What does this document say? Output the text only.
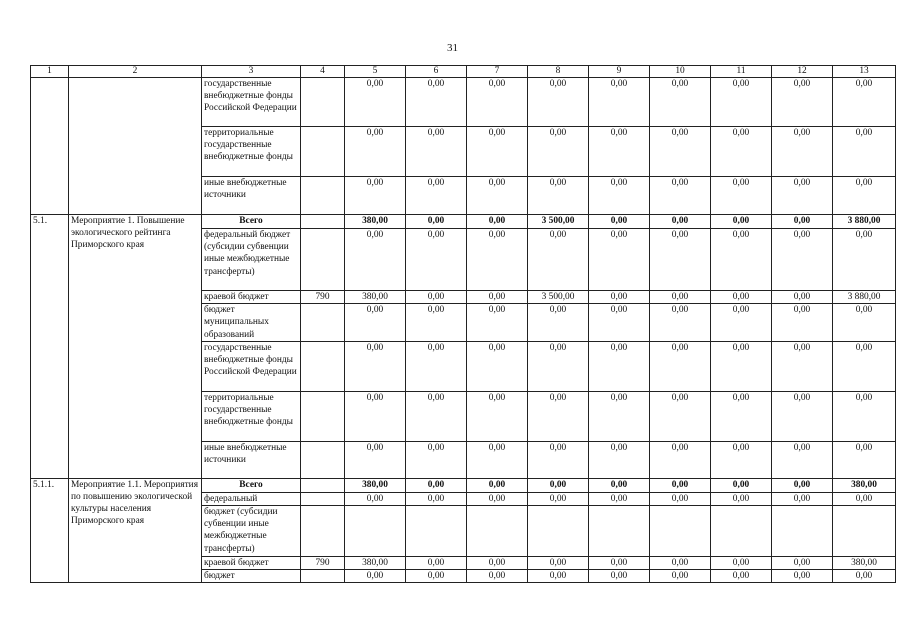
31
1	2	3	4	5	6	7	8	9	10	11	12	13
		государственные внебюджетные фонды Российской Федерации		0,00	0,00	0,00	0,00	0,00	0,00	0,00	0,00	0,00
		территориальные государственные внебюджетные фонды		0,00	0,00	0,00	0,00	0,00	0,00	0,00	0,00	0,00
		иные внебюджетные источники		0,00	0,00	0,00	0,00	0,00	0,00	0,00	0,00	0,00
5.1.	Мероприятие 1. Повышение экологического рейтинга Приморского края	Всего		380,00	0,00	0,00	3 500,00	0,00	0,00	0,00	0,00	3 880,00
		федеральный бюджет (субсидии субвенции иные межбюджетные трансферты)		0,00	0,00	0,00	0,00	0,00	0,00	0,00	0,00	0,00
		краевой бюджет	790	380,00	0,00	0,00	3 500,00	0,00	0,00	0,00	0,00	3 880,00
		бюджет муниципальных образований		0,00	0,00	0,00	0,00	0,00	0,00	0,00	0,00	0,00
		государственные внебюджетные фонды Российской Федерации		0,00	0,00	0,00	0,00	0,00	0,00	0,00	0,00	0,00
		территориальные государственные внебюджетные фонды		0,00	0,00	0,00	0,00	0,00	0,00	0,00	0,00	0,00
		иные внебюджетные источники		0,00	0,00	0,00	0,00	0,00	0,00	0,00	0,00	0,00
5.1.1.	Мероприятие 1.1. Мероприятия по повышению экологической культуры населения Приморского края	Всего		380,00	0,00	0,00	0,00	0,00	0,00	0,00	0,00	380,00
		федеральный		0,00	0,00	0,00	0,00	0,00	0,00	0,00	0,00	0,00
		бюджет (субсидии субвенции иные межбюджетные трансферты)										
		краевой бюджет	790	380,00	0,00	0,00	0,00	0,00	0,00	0,00	0,00	380,00
		бюджет		0,00	0,00	0,00	0,00	0,00	0,00	0,00	0,00	0,00
